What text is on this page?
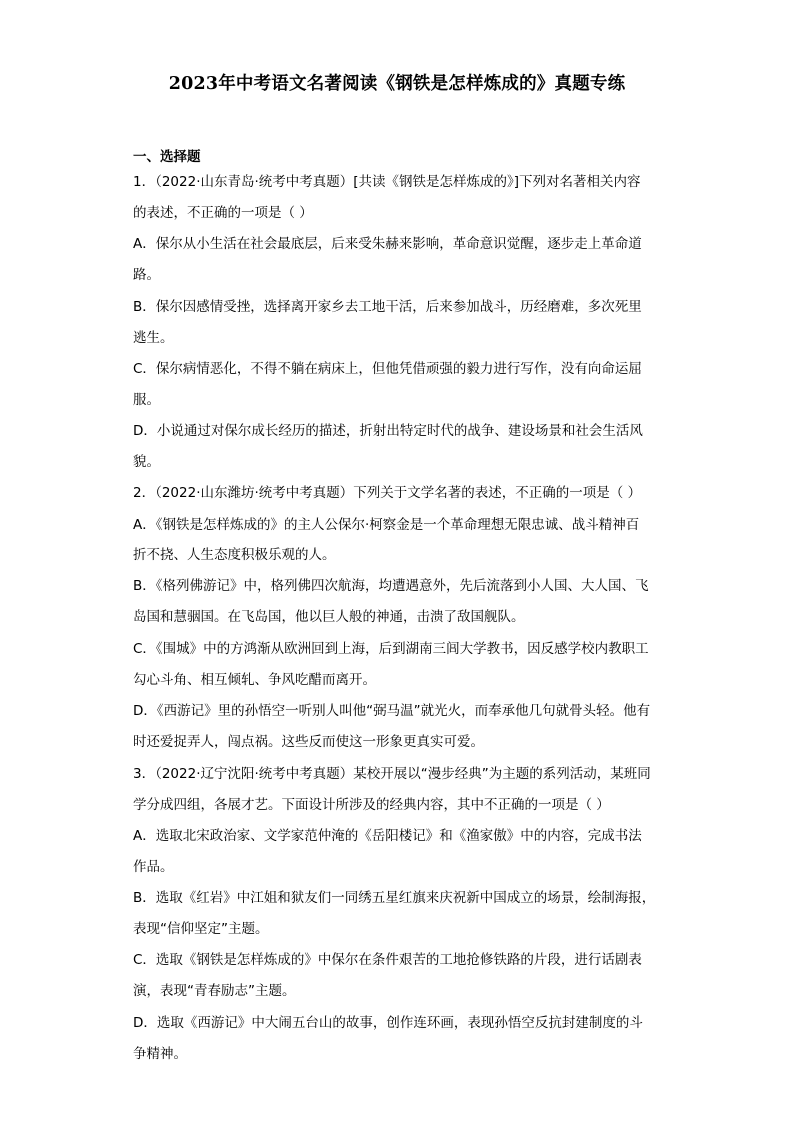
2023年中考语文名著阅读《钢铁是怎样炼成的》真题专练
一、选择题
1．（2022·山东青岛·统考中考真题）[共读《钢铁是怎样炼成的》]下列对名著相关内容
的表述，不正确的一项是（ ）
A．保尔从小生活在社会最底层，后来受朱赫来影响，革命意识觉醒，逐步走上革命道
路。
B．保尔因感情受挫，选择离开家乡去工地干活，后来参加战斗，历经磨难，多次死里
逃生。
C．保尔病情恶化，不得不躺在病床上，但他凭借顽强的毅力进行写作，没有向命运屈
服。
D．小说通过对保尔成长经历的描述，折射出特定时代的战争、建设场景和社会生活风
貌。
2．（2022·山东潍坊·统考中考真题）下列关于文学名著的表述，不正确的一项是（ ）
A．《钢铁是怎样炼成的》的主人公保尔·柯察金是一个革命理想无限忠诚、战斗精神百
折不挠、人生态度积极乐观的人。
B．《格列佛游记》中，格列佛四次航海，均遭遇意外，先后流落到小人国、大人国、飞
岛国和慧骃国。在飞岛国，他以巨人般的神通，击溃了敌国舰队。
C．《围城》中的方鸿渐从欧洲回到上海，后到湖南三闾大学教书，因反感学校内教职工
勾心斗角、相互倾轧、争风吃醋而离开。
D．《西游记》里的孙悟空一听别人叫他“弼马温”就光火，而奉承他几句就骨头轻。他有
时还爱捉弄人，闯点祸。这些反而使这一形象更真实可爱。
3．（2022·辽宁沈阳·统考中考真题）某校开展以“漫步经典”为主题的系列活动，某班同
学分成四组，各展才艺。下面设计所涉及的经典内容，其中不正确的一项是（ ）
A．选取北宋政治家、文学家范仲淹的《岳阳楼记》和《渔家傲》中的内容，完成书法
作品。
B．选取《红岩》中江姐和狱友们一同绣五星红旗来庆祝新中国成立的场景，绘制海报，
表现“信仰坚定”主题。
C．选取《钢铁是怎样炼成的》中保尔在条件艰苦的工地抢修铁路的片段，进行话剧表
演，表现“青春励志”主题。
D．选取《西游记》中大闹五台山的故事，创作连环画，表现孙悟空反抗封建制度的斗
争精神。
